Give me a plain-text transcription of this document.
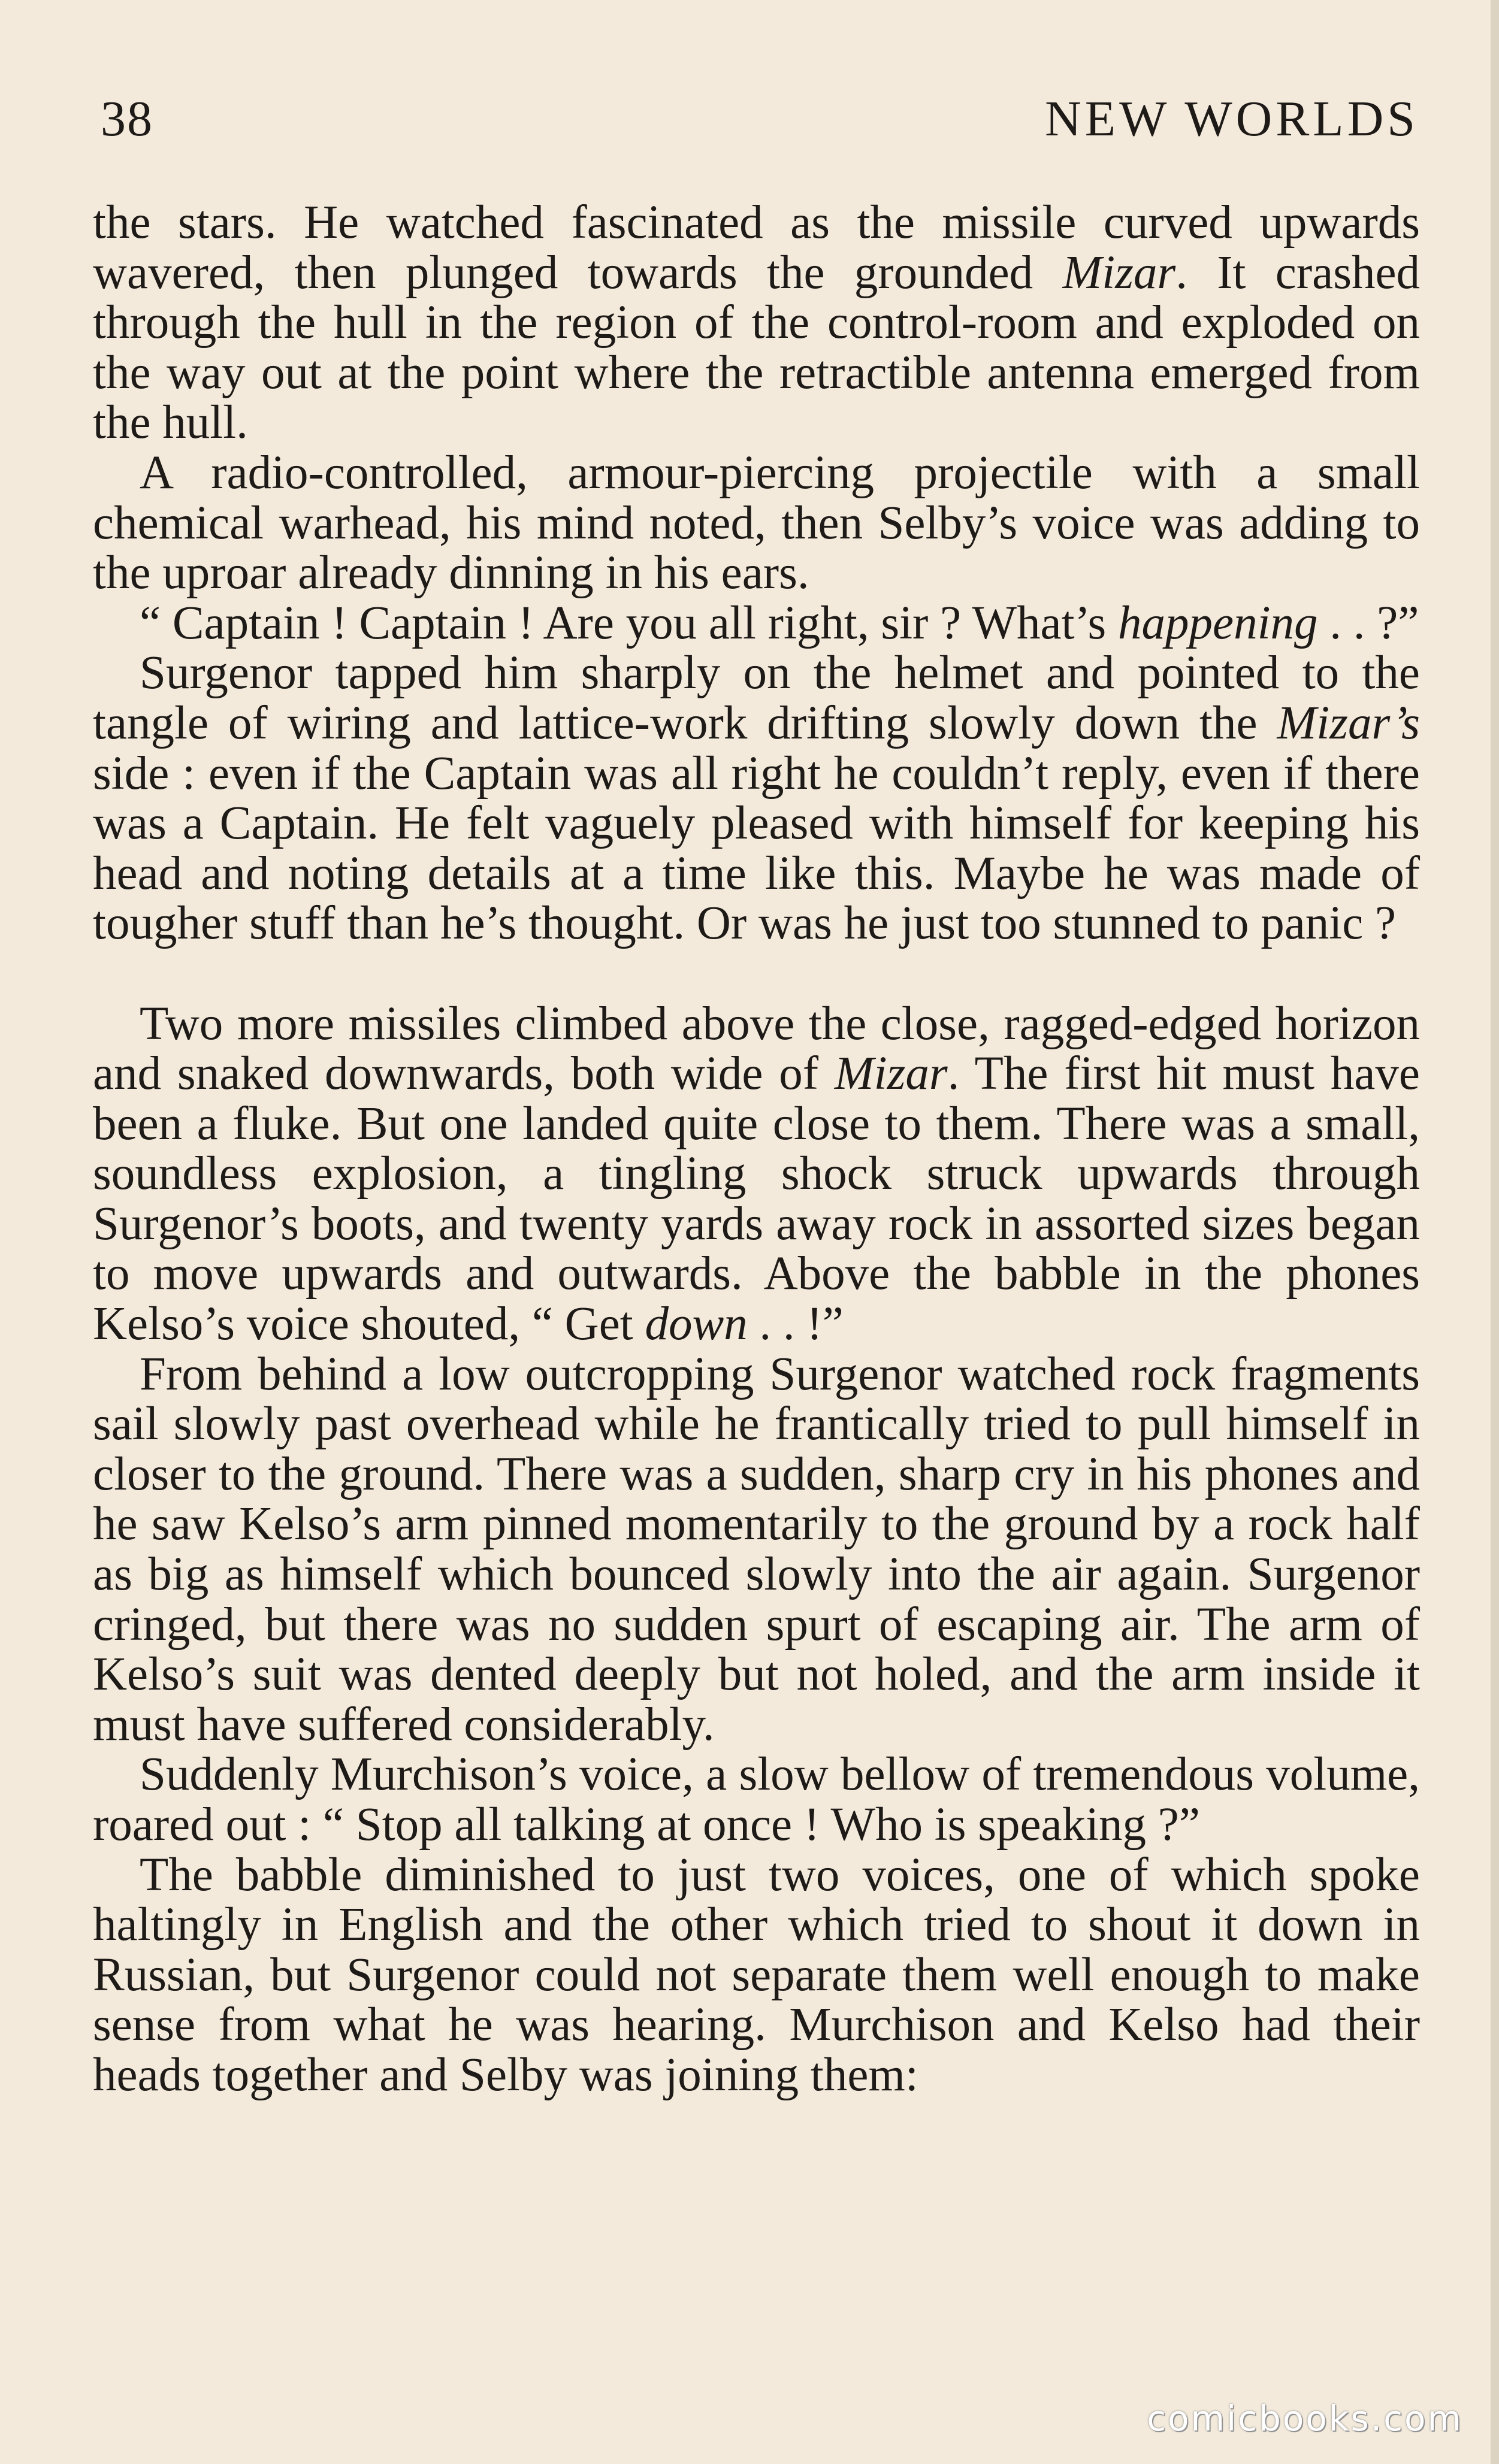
38	NEW WORLDS

the stars. He watched fascinated as the missile curved upwards wavered, then plunged towards the grounded Mizar. It crashed through the hull in the region of the control-room and exploded on the way out at the point where the retractible antenna emerged from the hull.

A radio-controlled, armour-piercing projectile with a small chemical warhead, his mind noted, then Selby’s voice was adding to the uproar already dinning in his ears.

“ Captain ! Captain ! Are you all right, sir ? What’s happening . . ?”

Surgenor tapped him sharply on the helmet and pointed to the tangle of wiring and lattice-work drifting slowly down the Mizar’s side : even if the Captain was all right he couldn’t reply, even if there was a Captain. He felt vaguely pleased with himself for keeping his head and noting details at a time like this. Maybe he was made of tougher stuff than he’s thought. Or was he just too stunned to panic ?

Two more missiles climbed above the close, ragged-edged horizon and snaked downwards, both wide of Mizar. The first hit must have been a fluke. But one landed quite close to them. There was a small, soundless explosion, a tingling shock struck upwards through Surgenor’s boots, and twenty yards away rock in assorted sizes began to move upwards and outwards. Above the babble in the phones Kelso’s voice shouted, “ Get down . . !”

From behind a low outcropping Surgenor watched rock fragments sail slowly past overhead while he frantically tried to pull himself in closer to the ground. There was a sudden, sharp cry in his phones and he saw Kelso’s arm pinned momentarily to the ground by a rock half as big as himself which bounced slowly into the air again. Surgenor cringed, but there was no sudden spurt of escaping air. The arm of Kelso’s suit was dented deeply but not holed, and the arm inside it must have suffered considerably.

Suddenly Murchison’s voice, a slow bellow of tremendous volume, roared out : “ Stop all talking at once ! Who is speaking ?”

The babble diminished to just two voices, one of which spoke haltingly in English and the other which tried to shout it down in Russian, but Surgenor could not separate them well enough to make sense from what he was hearing. Murchison and Kelso had their heads together and Selby was joining them:

comicbooks.com
